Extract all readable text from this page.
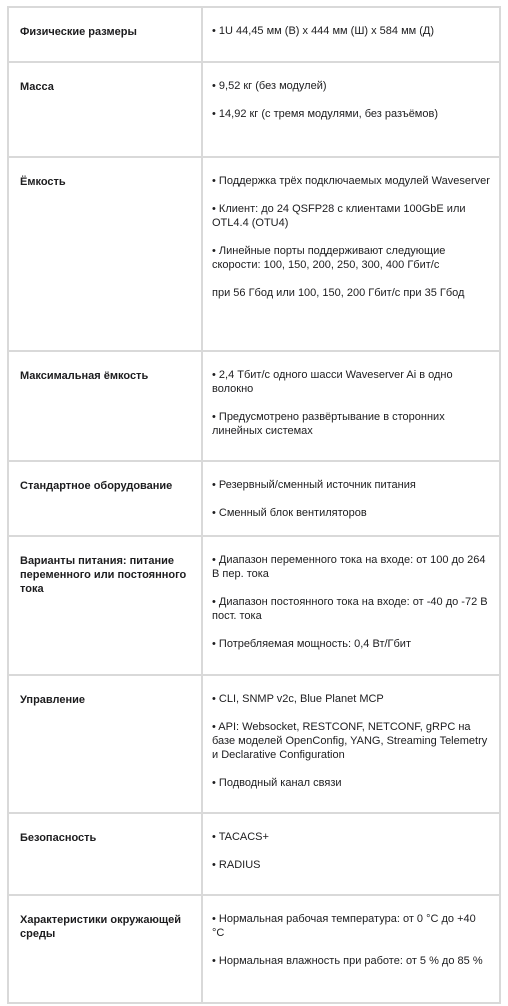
Физические размеры	• 1U 44,45 мм (В) x 444 мм (Ш) x 584 мм (Д)

Масса	• 9,52 кг (без модулей)

• 14,92 кг (с тремя модулями, без разъёмов)

Ёмкость	• Поддержка трёх подключаемых модулей Waveserver

• Клиент: до 24 QSFP28 с клиентами 100GbE или OTL4.4 (OTU4)

• Линейные порты поддерживают следующие скорости: 100, 150, 200, 250, 300, 400 Гбит/с

при 56 Гбод или 100, 150, 200 Гбит/с при 35 Гбод

Максимальная ёмкость	• 2,4 Тбит/с одного шасси Waveserver Ai в одно волокно

• Предусмотрено развёртывание в сторонних линейных системах

Стандартное оборудование	• Резервный/сменный источник питания

• Сменный блок вентиляторов

Варианты питания: питание переменного или постоянного тока	• Диапазон переменного тока на входе: от 100 до 264 В пер. тока

• Диапазон постоянного тока на входе: от -40 до -72 В пост. тока

• Потребляемая мощность: 0,4 Вт/Гбит

Управление	• CLI, SNMP v2c, Blue Planet MCP

• API: Websocket, RESTCONF, NETCONF, gRPC на базе моделей OpenConfig, YANG, Streaming Telemetry и Declarative Configuration

• Подводный канал связи

Безопасность	• TACACS+

• RADIUS

Характеристики окружающей среды	• Нормальная рабочая температура: от 0 °С до +40 °С

• Нормальная влажность при работе: от 5 % до 85 %
